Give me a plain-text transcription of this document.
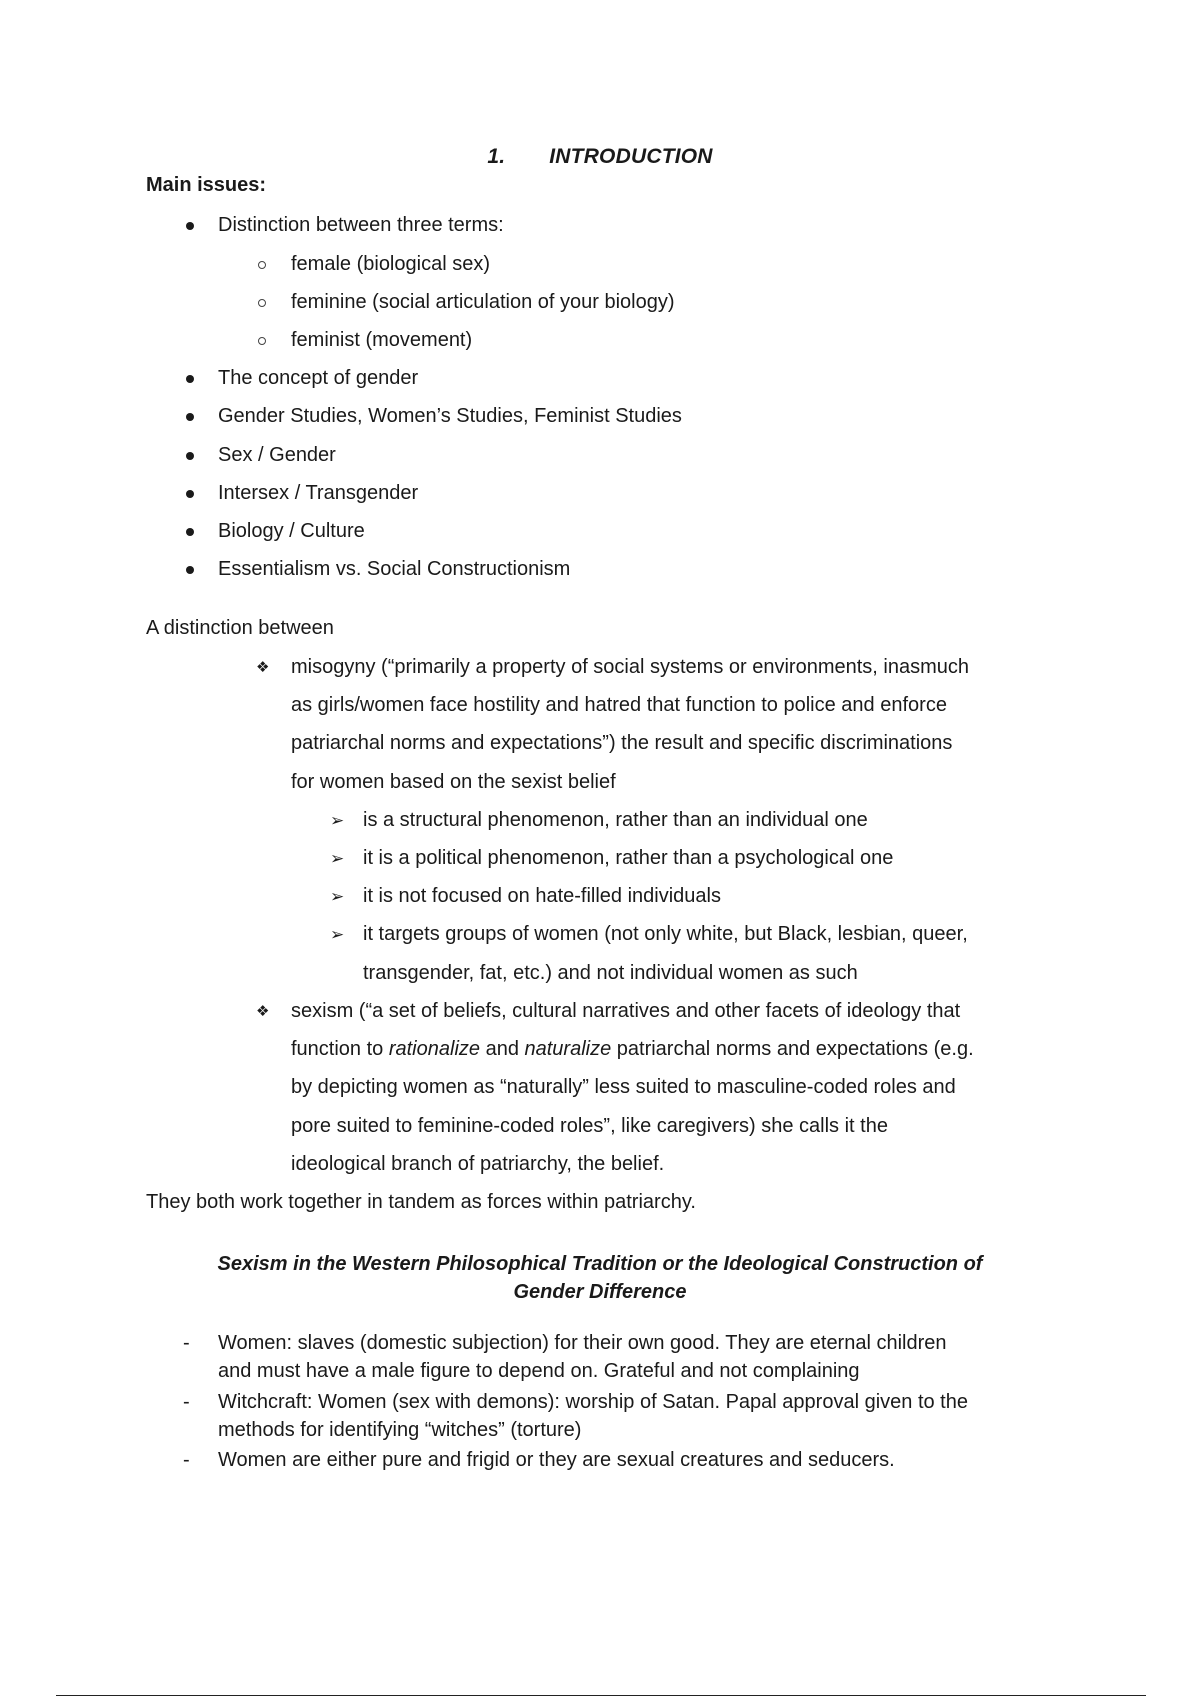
1. INTRODUCTION
Main issues:
Distinction between three terms:
female (biological sex)
feminine (social articulation of your biology)
feminist (movement)
The concept of gender
Gender Studies, Women’s Studies, Feminist Studies
Sex / Gender
Intersex / Transgender
Biology / Culture
Essentialism vs. Social Constructionism
A distinction between
❖ misogyny (“primarily a property of social systems or environments, inasmuch
as girls/women face hostility and hatred that function to police and enforce
patriarchal norms and expectations”) the result and specific discriminations
for women based on the sexist belief
➢ is a structural phenomenon, rather than an individual one
➢ it is a political phenomenon, rather than a psychological one
➢ it is not focused on hate-filled individuals
➢ it targets groups of women (not only white, but Black, lesbian, queer,
transgender, fat, etc.) and not individual women as such
❖ sexism (“a set of beliefs, cultural narratives and other facets of ideology that
function to rationalize and naturalize patriarchal norms and expectations (e.g.
by depicting women as “naturally” less suited to masculine-coded roles and
pore suited to feminine-coded roles”, like caregivers) she calls it the
ideological branch of patriarchy, the belief.
They both work together in tandem as forces within patriarchy.
Sexism in the Western Philosophical Tradition or the Ideological Construction of
Gender Difference
- Women: slaves (domestic subjection) for their own good. They are eternal children
and must have a male figure to depend on. Grateful and not complaining
- Witchcraft: Women (sex with demons): worship of Satan. Papal approval given to the
methods for identifying “witches” (torture)
- Women are either pure and frigid or they are sexual creatures and seducers.
